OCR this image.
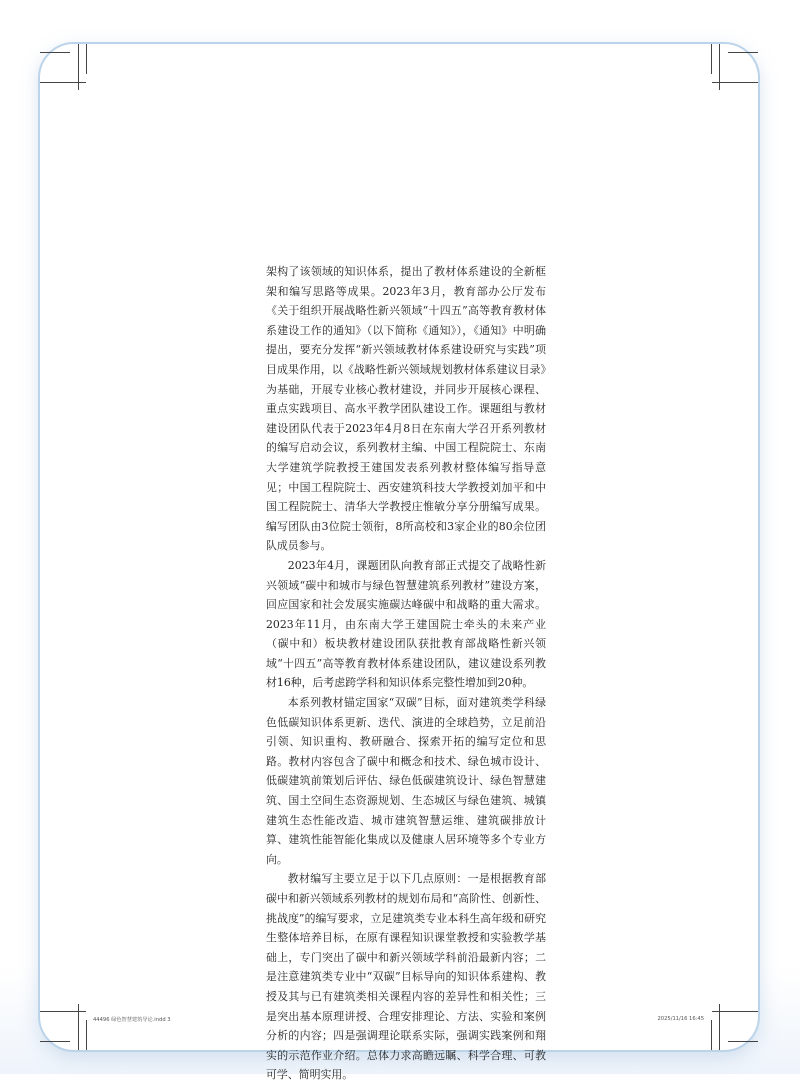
架构了该领域的知识体系，提出了教材体系建设的全新框架和编写思路等成果。2023年3月，教育部办公厅发布《关于组织开展战略性新兴领域“十四五”高等教育教材体系建设工作的通知》（以下简称《通知》），《通知》中明确提出，要充分发挥“新兴领域教材体系建设研究与实践”项目成果作用，以《战略性新兴领域规划教材体系建议目录》为基础，开展专业核心教材建设，并同步开展核心课程、重点实践项目、高水平教学团队建设工作。课题组与教材建设团队代表于2023年4月8日在东南大学召开系列教材的编写启动会议，系列教材主编、中国工程院院士、东南大学建筑学院教授王建国发表系列教材整体编写指导意见；中国工程院院士、西安建筑科技大学教授刘加平和中国工程院院士、清华大学教授庄惟敏分享分册编写成果。编写团队由3位院士领衔，8所高校和3家企业的80余位团队成员参与。

2023年4月，课题团队向教育部正式提交了战略性新兴领域“碳中和城市与绿色智慧建筑系列教材”建设方案，回应国家和社会发展实施碳达峰碳中和战略的重大需求。2023年11月，由东南大学王建国院士牵头的未来产业（碳中和）板块教材建设团队获批教育部战略性新兴领域“十四五”高等教育教材体系建设团队，建议建设系列教材16种，后考虑跨学科和知识体系完整性增加到20种。

本系列教材锚定国家“双碳”目标，面对建筑类学科绿色低碳知识体系更新、迭代、演进的全球趋势，立足前沿引领、知识重构、教研融合、探索开拓的编写定位和思路。教材内容包含了碳中和概念和技术、绿色城市设计、低碳建筑前策划后评估、绿色低碳建筑设计、绿色智慧建筑、国土空间生态资源规划、生态城区与绿色建筑、城镇建筑生态性能改造、城市建筑智慧运维、建筑碳排放计算、建筑性能智能化集成以及健康人居环境等多个专业方向。

教材编写主要立足于以下几点原则：一是根据教育部碳中和新兴领域系列教材的规划布局和“高阶性、创新性、挑战度”的编写要求，立足建筑类专业本科生高年级和研究生整体培养目标，在原有课程知识课堂教授和实验教学基础上，专门突出了碳中和新兴领域学科前沿最新内容；二是注意建筑类专业中“双碳”目标导向的知识体系建构、教授及其与已有建筑类相关课程内容的差异性和相关性；三是突出基本原理讲授、合理安排理论、方法、实验和案例分析的内容；四是强调理论联系实际，强调实践案例和翔实的示范作业介绍。总体力求高瞻远瞩、科学合理、可教可学、简明实用。

44496 绿色智慧建筑导论.indd 3	2025/11/16 16:45
